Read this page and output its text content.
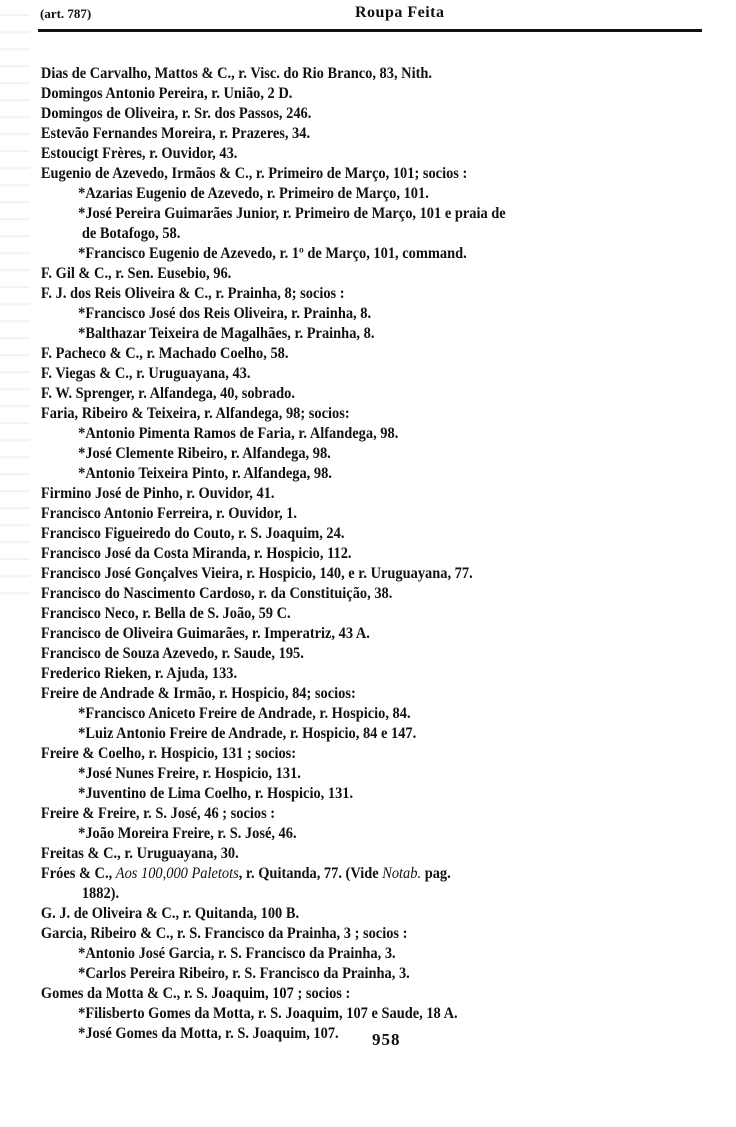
(art. 787)	Roupa Feita
Dias de Carvalho, Mattos & C., r. Visc. do Rio Branco, 83, Nith.
Domingos Antonio Pereira, r. União, 2 D.
Domingos de Oliveira, r. Sr. dos Passos, 246.
Estevão Fernandes Moreira, r. Prazeres, 34.
Estoucigt Frères, r. Ouvidor, 43.
Eugenio de Azevedo, Irmãos & C., r. Primeiro de Março, 101; socios :
*Azarias Eugenio de Azevedo, r. Primeiro de Março, 101.
*José Pereira Guimarães Junior, r. Primeiro de Março, 101 e praia de
de Botafogo, 58.
*Francisco Eugenio de Azevedo, r. 1º de Março, 101, command.
F. Gil & C., r. Sen. Eusebio, 96.
F. J. dos Reis Oliveira & C., r. Prainha, 8; socios :
*Francisco José dos Reis Oliveira, r. Prainha, 8.
*Balthazar Teixeira de Magalhães, r. Prainha, 8.
F. Pacheco & C., r. Machado Coelho, 58.
F. Viegas & C., r. Uruguayana, 43.
F. W. Sprenger, r. Alfandega, 40, sobrado.
Faria, Ribeiro & Teixeira, r. Alfandega, 98; socios:
*Antonio Pimenta Ramos de Faria, r. Alfandega, 98.
*José Clemente Ribeiro, r. Alfandega, 98.
*Antonio Teixeira Pinto, r. Alfandega, 98.
Firmino José de Pinho, r. Ouvidor, 41.
Francisco Antonio Ferreira, r. Ouvidor, 1.
Francisco Figueiredo do Couto, r. S. Joaquim, 24.
Francisco José da Costa Miranda, r. Hospicio, 112.
Francisco José Gonçalves Vieira, r. Hospicio, 140, e r. Uruguayana, 77.
Francisco do Nascimento Cardoso, r. da Constituição, 38.
Francisco Neco, r. Bella de S. João, 59 C.
Francisco de Oliveira Guimarães, r. Imperatriz, 43 A.
Francisco de Souza Azevedo, r. Saude, 195.
Frederico Rieken, r. Ajuda, 133.
Freire de Andrade & Irmão, r. Hospicio, 84; socios:
*Francisco Aniceto Freire de Andrade, r. Hospicio, 84.
*Luiz Antonio Freire de Andrade, r. Hospicio, 84 e 147.
Freire & Coelho, r. Hospicio, 131 ; socios:
*José Nunes Freire, r. Hospicio, 131.
*Juventino de Lima Coelho, r. Hospicio, 131.
Freire & Freire, r. S. José, 46 ; socios :
*João Moreira Freire, r. S. José, 46.
Freitas & C., r. Uruguayana, 30.
Fróes & C., Aos 100,000 Paletots, r. Quitanda, 77. (Vide Notab. pag.
1882).
G. J. de Oliveira & C., r. Quitanda, 100 B.
Garcia, Ribeiro & C., r. S. Francisco da Prainha, 3 ; socios :
*Antonio José Garcia, r. S. Francisco da Prainha, 3.
*Carlos Pereira Ribeiro, r. S. Francisco da Prainha, 3.
Gomes da Motta & C., r. S. Joaquim, 107 ; socios :
*Filisberto Gomes da Motta, r. S. Joaquim, 107 e Saude, 18 A.
*José Gomes da Motta, r. S. Joaquim, 107.	958
